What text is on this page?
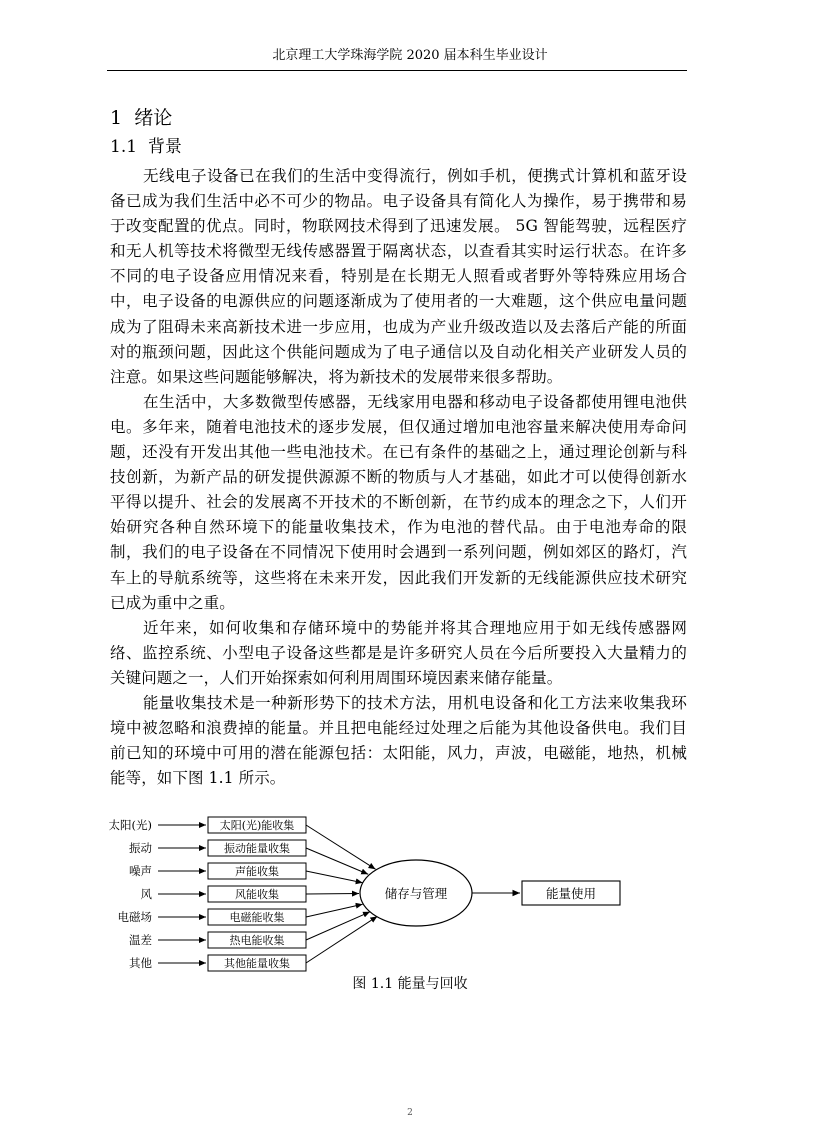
北京理工大学珠海学院 2020 届本科生毕业设计
1 绪论
1.1 背景

无线电子设备已在我们的生活中变得流行，例如手机，便携式计算机和蓝牙设备已成为我们生活中必不可少的物品。电子设备具有简化人为操作，易于携带和易于改变配置的优点。同时，物联网技术得到了迅速发展。 5G 智能驾驶，远程医疗和无人机等技术将微型无线传感器置于隔离状态，以查看其实时运行状态。在许多不同的电子设备应用情况来看，特别是在长期无人照看或者野外等特殊应用场合中，电子设备的电源供应的问题逐渐成为了使用者的一大难题，这个供应电量问题成为了阻碍未来高新技术进一步应用，也成为产业升级改造以及去落后产能的所面对的瓶颈问题，因此这个供能问题成为了电子通信以及自动化相关产业研发人员的注意。如果这些问题能够解决，将为新技术的发展带来很多帮助。

在生活中，大多数微型传感器，无线家用电器和移动电子设备都使用锂电池供电。多年来，随着电池技术的逐步发展，但仅通过增加电池容量来解决使用寿命问题，还没有开发出其他一些电池技术。在已有条件的基础之上，通过理论创新与科技创新，为新产品的研发提供源源不断的物质与人才基础，如此才可以使得创新水平得以提升、社会的发展离不开技术的不断创新，在节约成本的理念之下，人们开始研究各种自然环境下的能量收集技术，作为电池的替代品。由于电池寿命的限制，我们的电子设备在不同情况下使用时会遇到一系列问题，例如郊区的路灯，汽车上的导航系统等，这些将在未来开发，因此我们开发新的无线能源供应技术研究已成为重中之重。

近年来，如何收集和存储环境中的势能并将其合理地应用于如无线传感器网络、监控系统、小型电子设备这些都是是许多研究人员在今后所要投入大量精力的关键问题之一，人们开始探索如何利用周围环境因素来储存能量。

能量收集技术是一种新形势下的技术方法，用机电设备和化工方法来收集我环境中被忽略和浪费掉的能量。并且把电能经过处理之后能为其他设备供电。我们目前已知的环境中可用的潜在能源包括：太阳能，风力，声波，电磁能，地热，机械能等，如下图 1.1 所示。

太阳(光)	太阳(光)能收集
振动	振动能量收集
噪声	声能收集
风	风能收集
电磁场	电磁能收集
温差	热电能收集
其他	其他能量收集
储存与管理	能量使用
图 1.1 能量与回收
2
